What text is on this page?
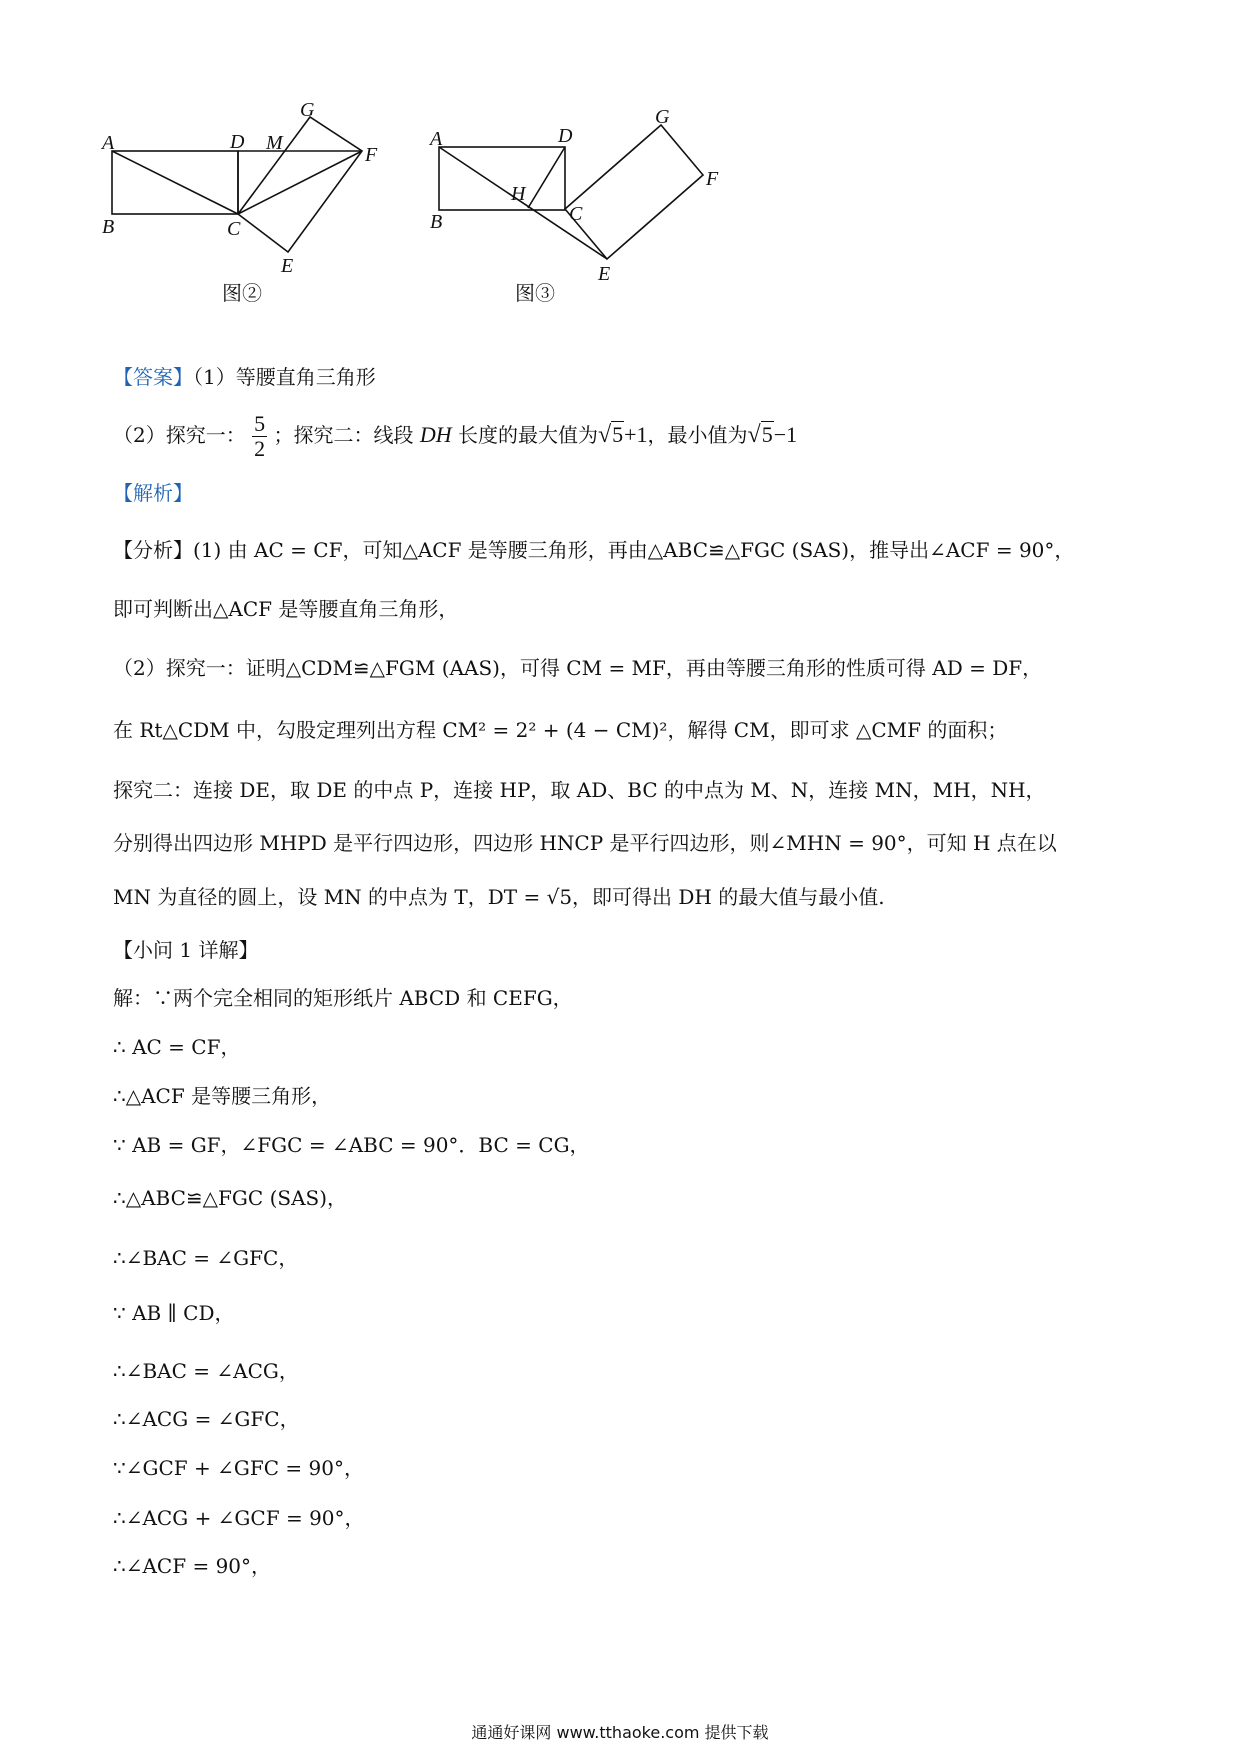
A
B	C
D
E
F
G
M
图②
A
B	C
D
E
F
G
H
图③
【答案】（1）等腰直角三角形
（2）探究一： $\frac{5}{2}$ ；探究二：线段 DH 长度的最大值为√5+1，最小值为√5−1
【解析】
【分析】(1) 由 AC = CF，可知△ACF 是等腰三角形，再由△ABC≌△FGC (SAS)，推导出∠ACF = 90°，
即可判断出△ACF 是等腰直角三角形，
（2）探究一：证明△CDM≌△FGM (AAS)，可得 CM = MF，再由等腰三角形的性质可得 AD = DF，
在 Rt△CDM 中，勾股定理列出方程 CM² = 2² + (4 − CM)²，解得 CM，即可求 △CMF 的面积；
探究二：连接 DE，取 DE 的中点 P，连接 HP，取 AD、BC 的中点为 M、N，连接 MN，MH，NH，
分别得出四边形 MHPD 是平行四边形，四边形 HNCP 是平行四边形，则∠MHN = 90°，可知 H 点在以
MN 为直径的圆上，设 MN 的中点为 T，DT = √5，即可得出 DH 的最大值与最小值.
【小问 1 详解】
解：∵两个完全相同的矩形纸片 ABCD 和 CEFG，
∴ AC = CF，
∴△ACF 是等腰三角形，
∵ AB = GF，∠FGC = ∠ABC = 90°．BC = CG，
∴△ABC≌△FGC (SAS)，
∴∠BAC = ∠GFC，
∵ AB ∥ CD，
∴∠BAC = ∠ACG，
∴∠ACG = ∠GFC，
∵∠GCF + ∠GFC = 90°，
∴∠ACG + ∠GCF = 90°，
∴∠ACF = 90°，
通通好课网 www.tthaoke.com 提供下载
